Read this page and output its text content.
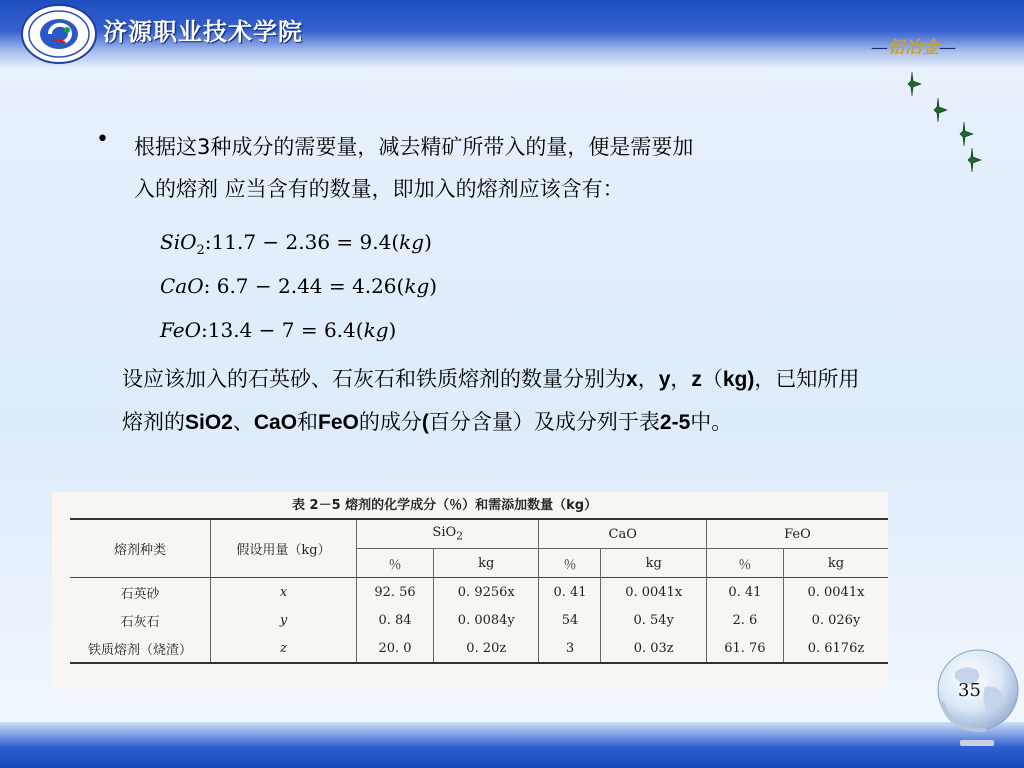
济源职业技术学院
—铅冶金—
• 根据这3种成分的需要量，减去精矿所带入的量，便是需要加
入的熔剂 应当含有的数量，即加入的熔剂应该含有：
SiO$_2$:11.7 − 2.36 = 9.4(kg)
CaO: 6.7 − 2.44 = 4.26(kg)
FeO:13.4 − 7 = 6.4(kg)
设应该加入的石英砂、石灰石和铁质熔剂的数量分别为x，y，z（kg)，已知所用熔剂的SiO2、CaO和FeO的成分(百分含量）及成分列于表2-5中。
表 2－5 熔剂的化学成分（％）和需添加数量（kg）
熔剂种类	假设用量（kg）	SiO$_2$		CaO		FeO	
		％	kg	％	kg	％	kg
石英砂	x	92. 56	0. 9256x	0. 41	0. 0041x	0. 41	0. 0041x
石灰石	y	0. 84	0. 0084y	54	0. 54y	2. 6	0. 026y
铁质熔剂（烧渣）	z	20. 0	0. 20z	3	0. 03z	61. 76	0. 6176z
35
